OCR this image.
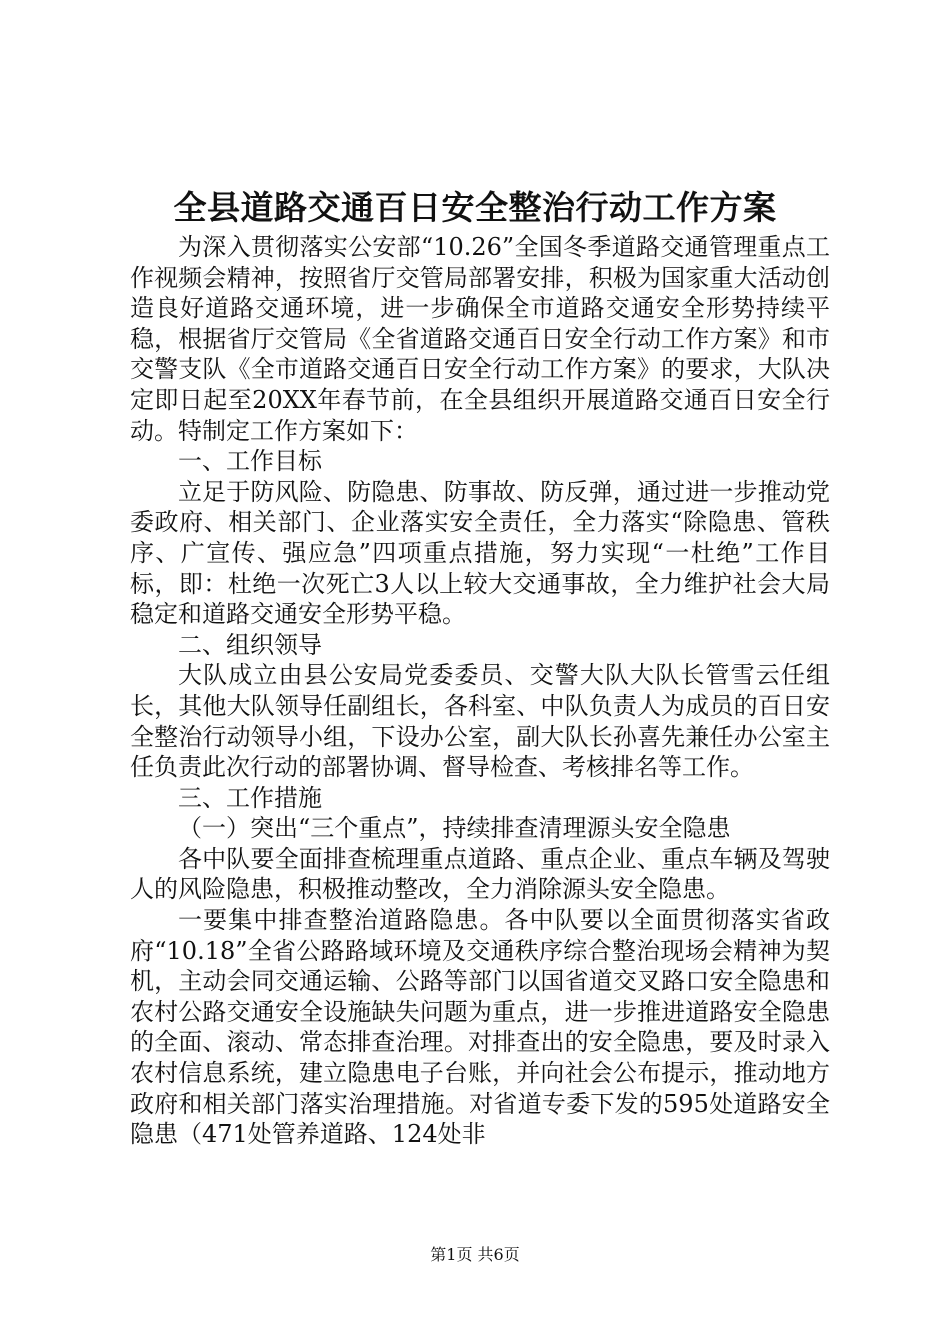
全县道路交通百日安全整治行动工作方案

为深入贯彻落实公安部“10.26”全国冬季道路交通管理重点工作视频会精神，按照省厅交管局部署安排，积极为国家重大活动创造良好道路交通环境，进一步确保全市道路交通安全形势持续平稳，根据省厅交管局《全省道路交通百日安全行动工作方案》和市交警支队《全市道路交通百日安全行动工作方案》的要求，大队决定即日起至20XX年春节前，在全县组织开展道路交通百日安全行动。特制定工作方案如下：

一、工作目标

立足于防风险、防隐患、防事故、防反弹，通过进一步推动党委政府、相关部门、企业落实安全责任，全力落实“除隐患、管秩序、广宣传、强应急”四项重点措施，努力实现“一杜绝”工作目标，即：杜绝一次死亡3人以上较大交通事故，全力维护社会大局稳定和道路交通安全形势平稳。

二、组织领导

大队成立由县公安局党委委员、交警大队大队长管雪云任组长，其他大队领导任副组长，各科室、中队负责人为成员的百日安全整治行动领导小组，下设办公室，副大队长孙喜先兼任办公室主任负责此次行动的部署协调、督导检查、考核排名等工作。

三、工作措施

（一）突出“三个重点”，持续排查清理源头安全隐患

各中队要全面排查梳理重点道路、重点企业、重点车辆及驾驶人的风险隐患，积极推动整改，全力消除源头安全隐患。

一要集中排查整治道路隐患。各中队要以全面贯彻落实省政府“10.18”全省公路路域环境及交通秩序综合整治现场会精神为契机，主动会同交通运输、公路等部门以国省道交叉路口安全隐患和农村公路交通安全设施缺失问题为重点，进一步推进道路安全隐患的全面、滚动、常态排查治理。对排查出的安全隐患，要及时录入农村信息系统，建立隐患电子台账，并向社会公布提示，推动地方政府和相关部门落实治理措施。对省道专委下发的595处道路安全隐患（471处管养道路、124处非

第1页 共6页
